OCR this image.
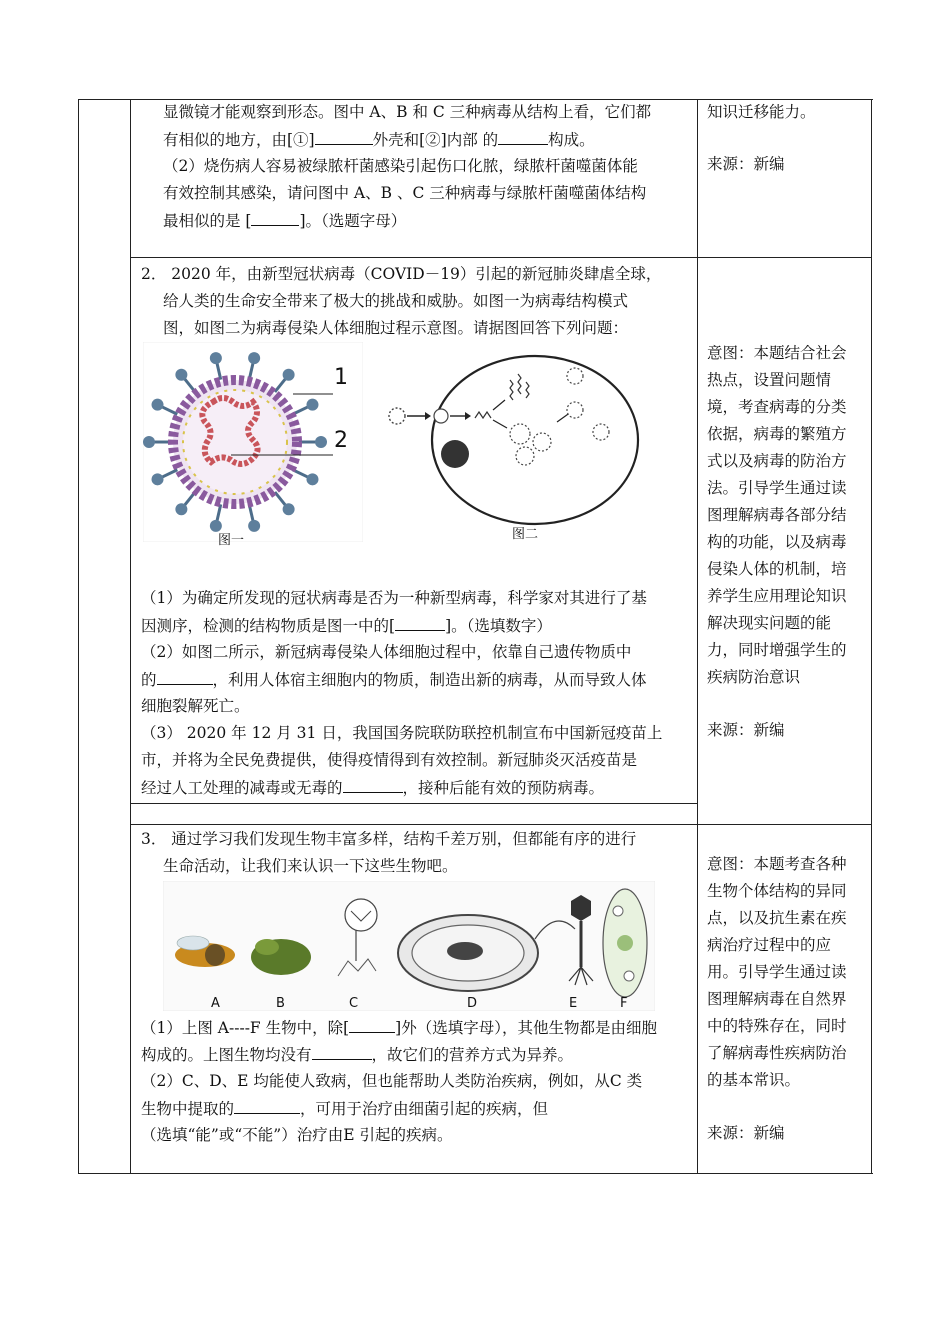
显微镜才能观察到形态。图中 A、B 和 C 三种病毒从结构上看，它们都
有相似的地方，由[①]	外壳和[②]内部 的	构成。
（2）烧伤病人容易被绿脓杆菌感染引起伤口化脓，绿脓杆菌噬菌体能
有效控制其感染，请问图中 A、B 、C 三种病毒与绿脓杆菌噬菌体结构
最相似的是 [	]。（选题字母）
知识迁移能力。
来源：新编
2． 2020 年，由新型冠状病毒（COVID－19）引起的新冠肺炎肆虐全球，
给人类的生命安全带来了极大的挑战和威胁。如图一为病毒结构模式
图，如图二为病毒侵染人体细胞过程示意图。请据图回答下列问题：
1
2
图一	图二
（1）为确定所发现的冠状病毒是否为一种新型病毒，科学家对其进行了基
因测序，检测的结构物质是图一中的[	]。（选填数字）
（2）如图二所示，新冠病毒侵染人体细胞过程中，依靠自己遗传物质中
的	，利用人体宿主细胞内的物质，制造出新的病毒，从而导致人体
细胞裂解死亡。
（3） 2020 年 12 月 31 日，我国国务院联防联控机制宣布中国新冠疫苗上
市，并将为全民免费提供，使得疫情得到有效控制。新冠肺炎灭活疫苗是
经过人工处理的减毒或无毒的	，接种后能有效的预防病毒。
意图：本题结合社会
热点，设置问题情
境，考查病毒的分类
依据，病毒的繁殖方
式以及病毒的防治方
法。引导学生通过读
图理解病毒各部分结
构的功能，以及病毒
侵染人体的机制，培
养学生应用理论知识
解决现实问题的能
力，同时增强学生的
疾病防治意识
来源：新编
3． 通过学习我们发现生物丰富多样，结构千差万别，但都能有序的进行
生命活动，让我们来认识一下这些生物吧。
A	B	C	D	E	F
（1）上图 A----F 生物中，除[	]外（选填字母），其他生物都是由细胞
构成的。上图生物均没有	，故它们的营养方式为异养。
（2）C、D、E 均能使人致病，但也能帮助人类防治疾病，例如，从C 类
生物中提取的	，可用于治疗由细菌引起的疾病，但
（选填“能”或“不能”）治疗由E 引起的疾病。
意图：本题考查各种
生物个体结构的异同
点，以及抗生素在疾
病治疗过程中的应
用。引导学生通过读
图理解病毒在自然界
中的特殊存在，同时
了解病毒性疾病防治
的基本常识。
来源：新编
